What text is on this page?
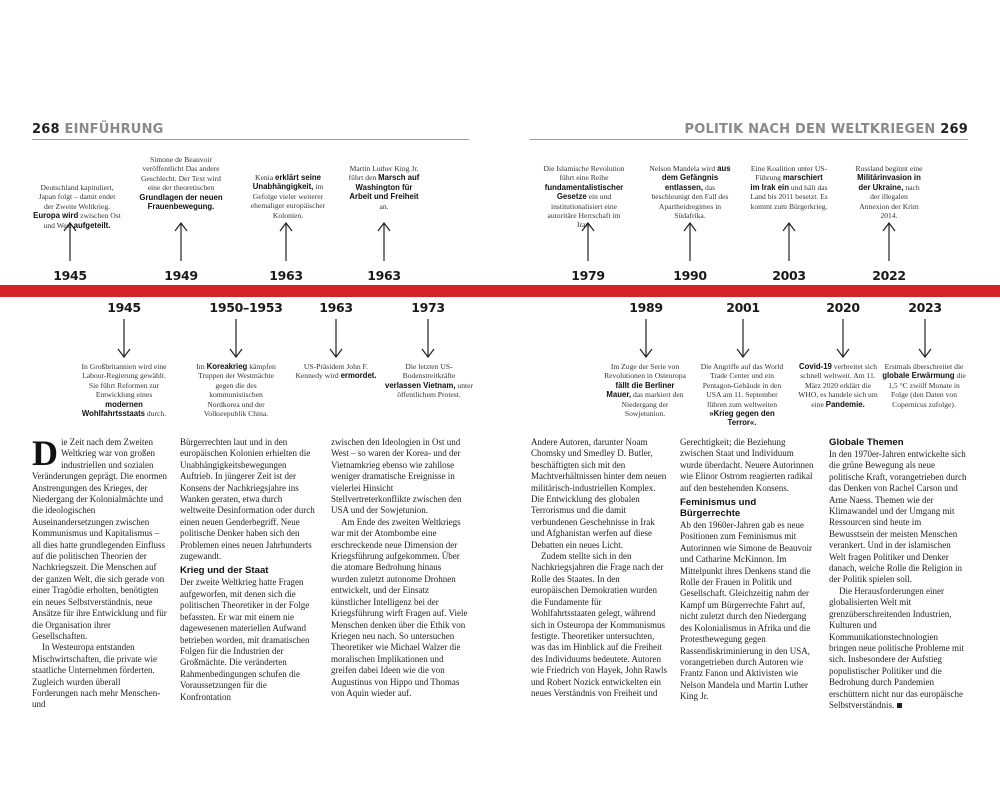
268 EINFÜHRUNG	POLITIK NACH DEN WELTKRIEGEN 269
Deutschland kapituliert, Japan folgt – damit endet der Zweite Weltkrieg. Europa wird zwischen Ost und West aufgeteilt.
Simone de Beauvoir veröffentlicht Das andere Geschlecht. Der Text wird eine der theoretischen Grundlagen der neuen Frauenbewegung.
Kenia erklärt seine Unabhängigkeit, im Gefolge vieler weiterer ehemaliger europäischer Kolonien.
Martin Luther King Jr. führt den Marsch auf Washington für Arbeit und Freiheit an.
Die Islamische Revolution führt eine Reihe fundamentalistischer Gesetze ein und institutionalisiert eine autoritäre Herrschaft im Iran.
Nelson Mandela wird aus dem Gefängnis entlassen, das beschleunigt den Fall des Apartheidregimes in Südafrika.
Eine Koalition unter US-Führung marschiert im Irak ein und hält das Land bis 2011 besetzt. Es kommt zum Bürgerkrieg.
Russland beginnt eine Militärinvasion in der Ukraine, nach der illegalen Annexion der Krim 2014.
1945	1949	1963	1963	1979	1990	2003	2022
1945	1950–1953	1963	1973	1989	2001	2020	2023
In Großbritannien wird eine Labour-Regierung gewählt. Sie führt Reformen zur Entwicklung eines modernen Wohlfahrtsstaats durch.
Im Koreakrieg kämpfen Truppen der Westmächte gegen die des kommunistischen Nordkorea und der Volksrepublik China.
US-Präsident John F. Kennedy wird ermordet.
Die letzten US-Bodenstreitkräfte verlassen Vietnam, unter öffentlichem Protest.
Im Zuge der Serie von Revolutionen in Osteuropa fällt die Berliner Mauer, das markiert den Niedergang der Sowjetunion.
Die Angriffe auf das World Trade Center und ein Pentagon-Gebäude in den USA am 11. September führen zum weltweiten »Krieg gegen den Terror«.
Covid-19 verbreitet sich schnell weltweit. Am 11. März 2020 erklärt die WHO, es handele sich um eine Pandemie.
Erstmals überschreitet die globale Erwärmung die 1,5 °C zwölf Monate in Folge (den Daten von Copernicus zufolge).
D ie Zeit nach dem Zweiten Weltkrieg war von großen industriellen und sozialen Veränderungen geprägt. Die enormen Anstrengungen des Krieges, der Niedergang der Kolonialmächte und die ideologischen Auseinandersetzungen zwischen Kommunismus und Kapitalismus – all dies hatte grundlegenden Einfluss auf die politischen Theorien der Nachkriegszeit. Die Menschen auf der ganzen Welt, die sich gerade von einer Tragödie erholten, benötigten ein neues Selbstverständnis, neue Ansätze für ihre Entwicklung und für die Organisation ihrer Gesellschaften.

In Westeuropa entstanden Mischwirtschaften, die private wie staatliche Unternehmen förderten. Zugleich wurden überall Forderungen nach mehr Menschen- und

Bürgerrechten laut und in den europäischen Kolonien erhielten die Unabhängigkeitsbewegungen Auftrieb. In jüngerer Zeit ist der Konsens der Nachkriegsjahre ins Wanken geraten, etwa durch weltweite Desinformation oder durch einen neuen Genderbegriff. Neue politische Denker haben sich den Problemen eines neuen Jahrhunderts zugewandt.

Krieg und der Staat

Der zweite Weltkrieg hatte Fragen aufgeworfen, mit denen sich die politischen Theoretiker in der Folge befassten. Er war mit einem nie dagewesenen materiellen Aufwand betrieben worden, mit dramatischen Folgen für die Industrien der Großmächte. Die veränderten Rahmenbedingungen schufen die Voraussetzungen für die Konfrontation

zwischen den Ideologien in Ost und West – so waren der Korea- und der Vietnamkrieg ebenso wie zahllose weniger dramatische Ereignisse in vielerlei Hinsicht Stellvertreterkonflikte zwischen den USA und der Sowjetunion.

Am Ende des zweiten Weltkriegs war mit der Atombombe eine erschreckende neue Dimension der Kriegsführung aufgekommen. Über die atomare Bedrohung hinaus wurden zuletzt autonome Drohnen entwickelt, und der Einsatz künstlicher Intelligenz bei der Kriegsführung wirft Fragen auf. Viele Menschen denken über die Ethik von Kriegen neu nach. So untersuchen Theoretiker wie Michael Walzer die moralischen Implikationen und greifen dabei Ideen wie die von Augustinus von Hippo und Thomas von Aquin wieder auf.

Andere Autoren, darunter Noam Chomsky und Smedley D. Butler, beschäftigten sich mit den Machtverhältnissen hinter dem neuen militärisch-industriellen Komplex. Die Entwicklung des globalen Terrorismus und die damit verbundenen Geschehnisse in Irak und Afghanistan werfen auf diese Debatten ein neues Licht.

Zudem stellte sich in den Nachkriegsjahren die Frage nach der Rolle des Staates. In den europäischen Demokratien wurden die Fundamente für Wohlfahrtsstaaten gelegt, während sich in Osteuropa der Kommunismus festigte. Theoretiker untersuchten, was das im Hinblick auf die Freiheit des Individuums bedeutete. Autoren wie Friedrich von Hayek, John Rawls und Robert Nozick entwickelten ein neues Verständnis von Freiheit und

Gerechtigkeit; die Beziehung zwischen Staat und Individuum wurde überdacht. Neuere Autorinnen wie Elinor Ostrom reagierten radikal auf den bestehenden Konsens.

Feminismus und Bürgerrechte

Ab den 1960er-Jahren gab es neue Positionen zum Feminismus mit Autorinnen wie Simone de Beauvoir und Catharine McKinnon. Im Mittelpunkt ihres Denkens stand die Rolle der Frauen in Politik und Gesellschaft. Gleichzeitig nahm der Kampf um Bürgerrechte Fahrt auf, nicht zuletzt durch den Niedergang des Kolonialismus in Afrika und die Protestbewegung gegen Rassendiskriminierung in den USA, vorangetrieben durch Autoren wie Frantz Fanon und Aktivisten wie Nelson Mandela und Martin Luther King Jr.

Globale Themen

In den 1970er-Jahren entwickelte sich die grüne Bewegung als neue politische Kraft, vorangetrieben durch das Denken von Rachel Carson und Arne Naess. Themen wie der Klimawandel und der Umgang mit Ressourcen sind heute im Bewusstsein der meisten Menschen verankert. Und in der islamischen Welt fragen Politiker und Denker danach, welche Rolle die Religion in der Politik spielen soll.

Die Herausforderungen einer globalisierten Welt mit grenzüberschreitenden Industrien, Kulturen und Kommunikationstechnologien bringen neue politische Probleme mit sich. Insbesondere der Aufstieg populistischer Politiker und die Bedrohung durch Pandemien erschüttern nicht nur das europäische Selbstverständnis.
